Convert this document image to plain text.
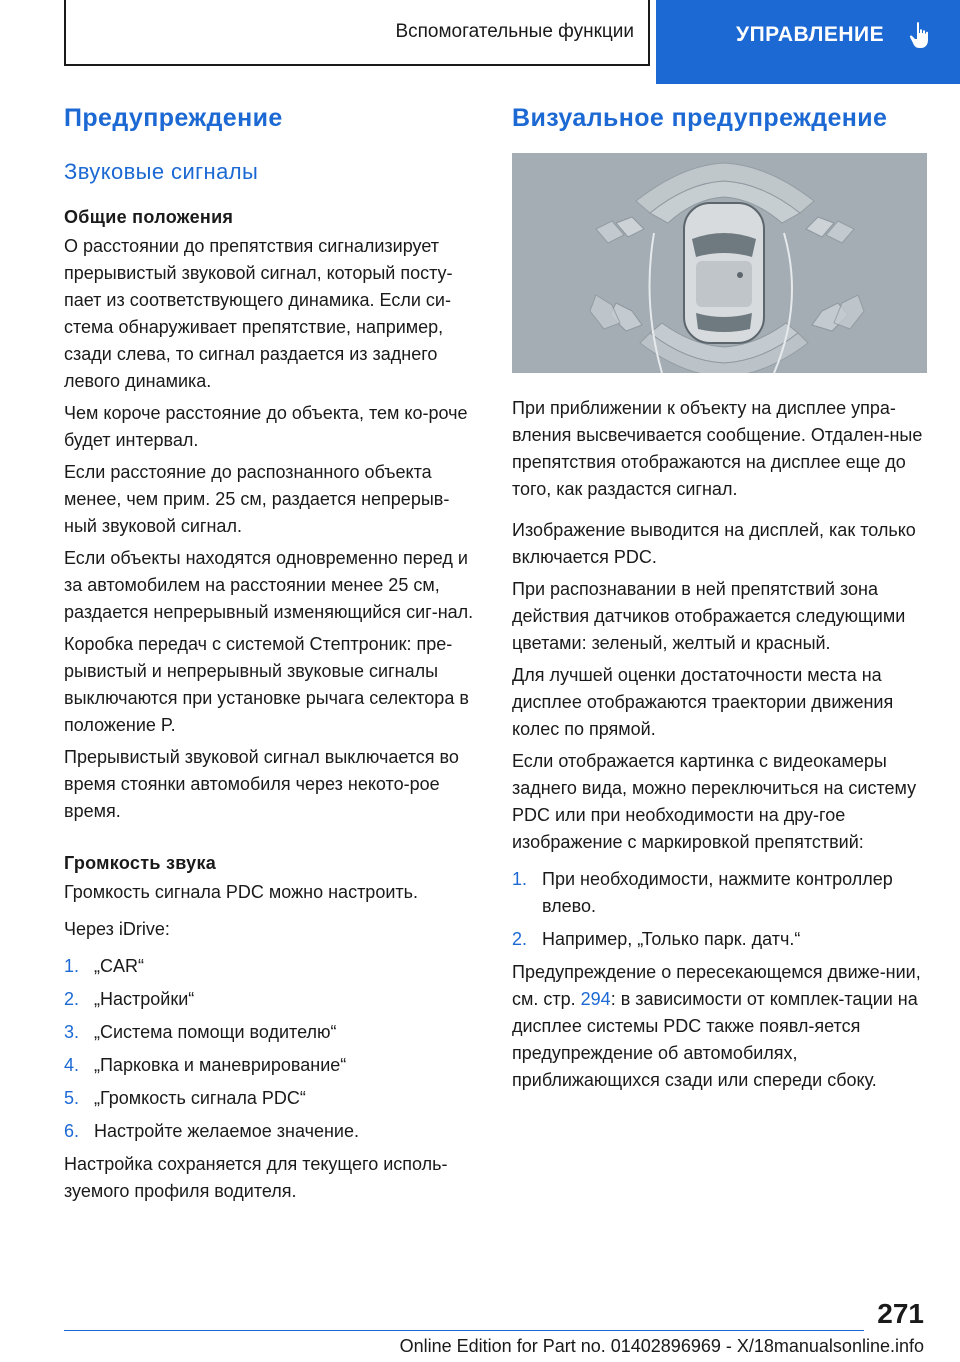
Вспомогательные функции	УПРАВЛЕНИЕ
Предупреждение
Звуковые сигналы
Общие положения

О расстоянии до препятствия сигнализирует прерывистый звуковой сигнал, который посту-пает из соответствующего динамика. Если си-стема обнаруживает препятствие, например, сзади слева, то сигнал раздается из заднего левого динамика.

Чем короче расстояние до объекта, тем ко-роче будет интервал.

Если расстояние до распознанного объекта менее, чем прим. 25 см, раздается непрерыв-ный звуковой сигнал.

Если объекты находятся одновременно перед и за автомобилем на расстоянии менее 25 см, раздается непрерывный изменяющийся сиг-нал.

Коробка передач с системой Стептроник: пре-рывистый и непрерывный звуковые сигналы выключаются при установке рычага селектора в положение P.

Прерывистый звуковой сигнал выключается во время стоянки автомобиля через некото-рое время.

Громкость звука

Громкость сигнала PDC можно настроить.

Через iDrive:

1. „CAR“
2. „Настройки“
3. „Система помощи водителю“
4. „Парковка и маневрирование“
5. „Громкость сигнала PDC“
6. Настройте желаемое значение.

Настройка сохраняется для текущего исполь-зуемого профиля водителя.

Визуальное предупреждение

При приближении к объекту на дисплее упра-вления высвечивается сообщение. Отдален-ные препятствия отображаются на дисплее еще до того, как раздастся сигнал.

Изображение выводится на дисплей, как только включается PDC.

При распознавании в ней препятствий зона действия датчиков отображается следующими цветами: зеленый, желтый и красный.

Для лучшей оценки достаточности места на дисплее отображаются траектории движения колес по прямой.

Если отображается картинка с видеокамеры заднего вида, можно переключиться на систему PDC или при необходимости на дру-гое изображение с маркировкой препятствий:

1. При необходимости, нажмите контроллер влево.
2. Например, „Только парк. датч.“

Предупреждение о пересекающемся движе-нии, см. стр. 294: в зависимости от комплек-тации на дисплее системы PDC также появл-яется предупреждение об автомобилях, приближающихся сзади или спереди сбоку.

271
Online Edition for Part no. 01402896969 - X/18manualsonline.info
